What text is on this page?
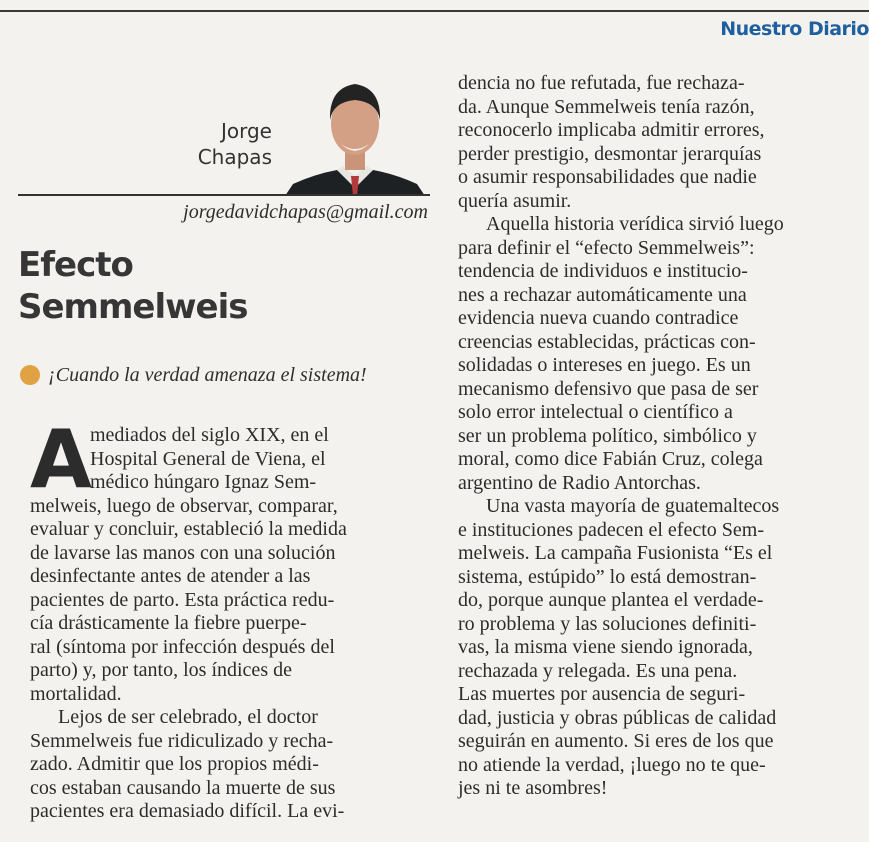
Nuestro Diario
Jorge
Chapas
jorgedavidchapas@gmail.com
Efecto
Semmelweis
¡Cuando la verdad amenaza el sistema!
A
mediados del siglo XIX, en el
Hospital General de Viena, el
médico húngaro Ignaz Sem-
melweis, luego de observar, comparar,
evaluar y concluir, estableció la medida
de lavarse las manos con una solución
desinfectante antes de atender a las
pacientes de parto. Esta práctica redu-
cía drásticamente la fiebre puerpe-
ral (síntoma por infección después del
parto) y, por tanto, los índices de
mortalidad.
Lejos de ser celebrado, el doctor
Semmelweis fue ridiculizado y recha-
zado. Admitir que los propios médi-
cos estaban causando la muerte de sus
pacientes era demasiado difícil. La evi-
dencia no fue refutada, fue rechaza-
da. Aunque Semmelweis tenía razón,
reconocerlo implicaba admitir errores,
perder prestigio, desmontar jerarquías
o asumir responsabilidades que nadie
quería asumir.
Aquella historia verídica sirvió luego
para definir el “efecto Semmelweis”:
tendencia de individuos e institucio-
nes a rechazar automáticamente una
evidencia nueva cuando contradice
creencias establecidas, prácticas con-
solidadas o intereses en juego. Es un
mecanismo defensivo que pasa de ser
solo error intelectual o científico a
ser un problema político, simbólico y
moral, como dice Fabián Cruz, colega
argentino de Radio Antorchas.
Una vasta mayoría de guatemaltecos
e instituciones padecen el efecto Sem-
melweis. La campaña Fusionista “Es el
sistema, estúpido” lo está demostran-
do, porque aunque plantea el verdade-
ro problema y las soluciones definiti-
vas, la misma viene siendo ignorada,
rechazada y relegada. Es una pena.
Las muertes por ausencia de seguri-
dad, justicia y obras públicas de calidad
seguirán en aumento. Si eres de los que
no atiende la verdad, ¡luego no te que-
jes ni te asombres!
